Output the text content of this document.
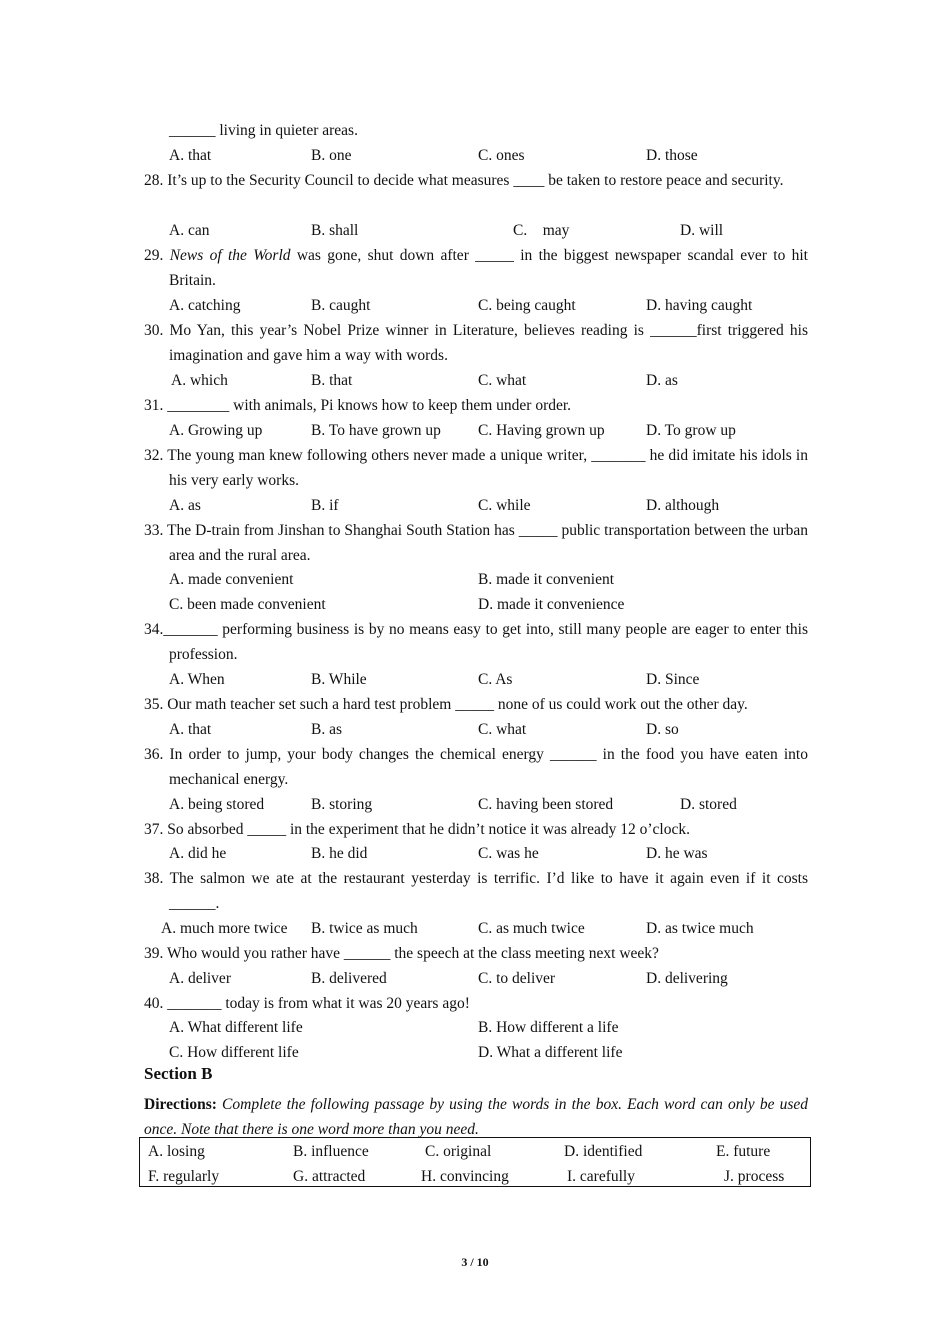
______ living in quieter areas.
A. that	B. one	C. ones	D. those
28. It’s up to the Security Council to decide what measures ____ be taken to restore peace and security.
A. can	B. shall	C.    may	D. will
29. News of the World was gone, shut down after _____ in the biggest newspaper scandal ever to hit Britain.
A. catching	B. caught	C. being caught	D. having caught
30. Mo Yan, this year’s Nobel Prize winner in Literature, believes reading is ______first triggered his imagination and gave him a way with words.
A. which	B. that	C. what	D. as
31. ________ with animals, Pi knows how to keep them under order.
A. Growing up	B. To have grown up C. Having grown up	D. To grow up
32. The young man knew following others never made a unique writer, _______ he did imitate his idols in his very early works.
A. as	B. if	C. while	D. although
33. The D-train from Jinshan to Shanghai South Station has _____ public transportation between the urban area and the rural area.
A. made convenient	B. made it convenient
C. been made convenient	D. made it convenience
34._______ performing business is by no means easy to get into, still many people are eager to enter this profession.
A. When	B. While	C. As	D. Since
35. Our math teacher set such a hard test problem _____ none of us could work out the other day.
A. that	B. as	C. what	D. so
36. In order to jump, your body changes the chemical energy ______ in the food you have eaten into mechanical energy.
A. being stored	B. storing	C. having been stored	D. stored
37. So absorbed _____ in the experiment that he didn’t notice it was already 12 o’clock.
A. did he	B. he did	C. was he	D. he was
38. The salmon we ate at the restaurant yesterday is terrific. I’d like to have it again even if it costs ______.
A. much more twice B. twice as much	C. as much twice	D. as twice much
39. Who would you rather have ______ the speech at the class meeting next week?
A. deliver	B. delivered	C. to deliver	D. delivering
40. _______ today is from what it was 20 years ago!
A. What different life	B. How different a life
C. How different life	D. What a different life
Section B
Directions: Complete the following passage by using the words in the box. Each word can only be used once. Note that there is one word more than you need.
A. losing	B. influence	C. original	D. identified	E. future
F. regularly	G. attracted	H. convincing	I. carefully	J. process
3 / 10
